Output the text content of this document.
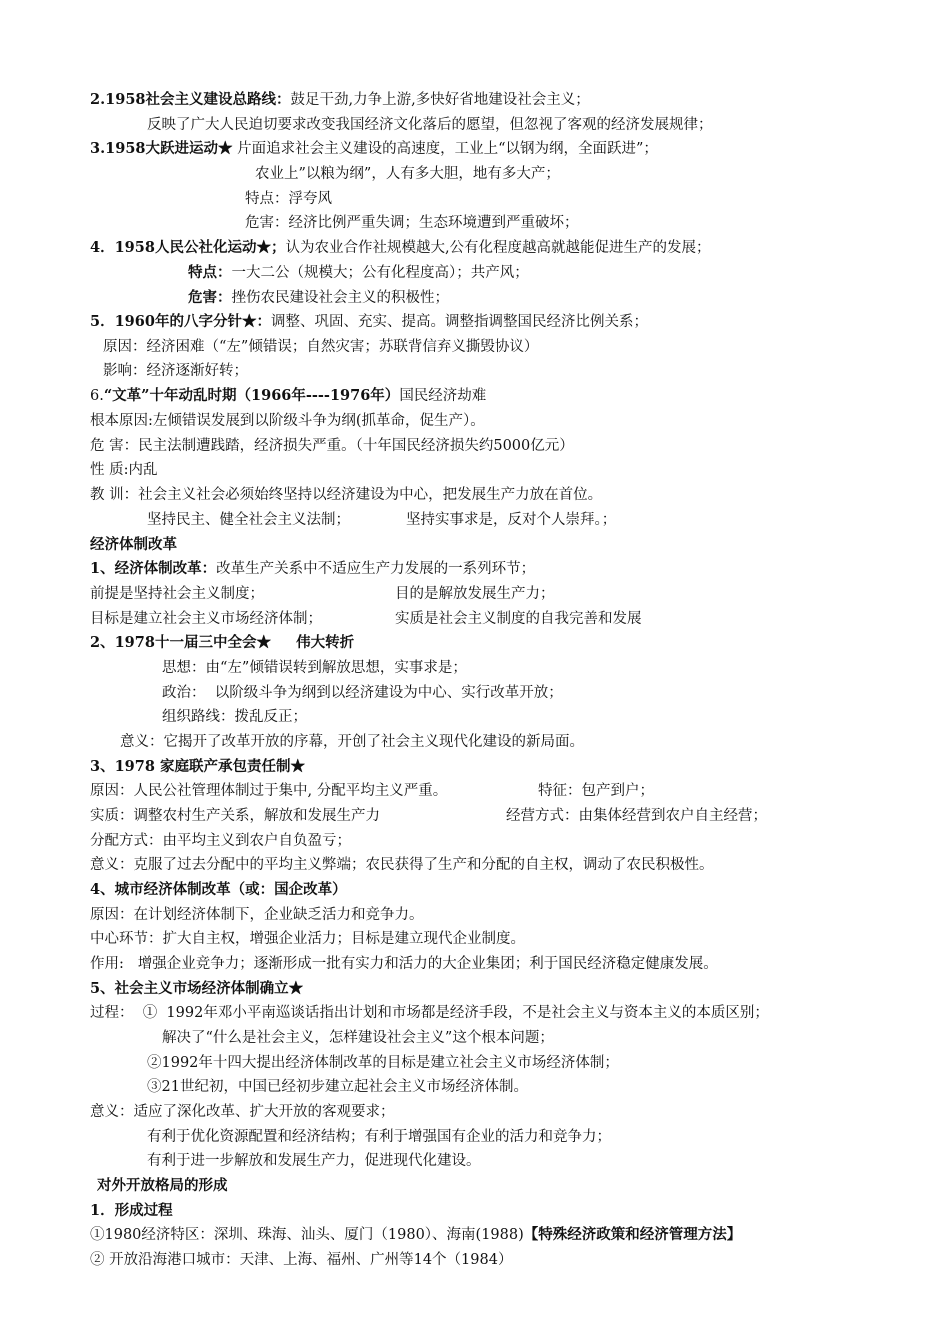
2.1958社会主义建设总路线：鼓足干劲,力争上游,多快好省地建设社会主义；
反映了广大人民迫切要求改变我国经济文化落后的愿望，但忽视了客观的经济发展规律；
3.1958大跃进运动★ 片面追求社会主义建设的高速度，工业上“以钢为纲，全面跃进”；
农业上”以粮为纲”，人有多大胆，地有多大产；
特点：浮夸风
危害：经济比例严重失调；生态环境遭到严重破坏；
4．1958人民公社化运动★；认为农业合作社规模越大,公有化程度越高就越能促进生产的发展；
特点：一大二公（规模大；公有化程度高）；共产风；
危害：挫伤农民建设社会主义的积极性；
5．1960年的八字分针★：调整、巩固、充实、提高。调整指调整国民经济比例关系；
原因：经济困难（“左”倾错误；自然灾害；苏联背信弃义撕毁协议）
影响：经济逐渐好转；
6.“文革”十年动乱时期（1966年----1976年）国民经济劫难
根本原因:左倾错误发展到以阶级斗争为纲(抓革命，促生产）。
危 害：民主法制遭践踏，经济损失严重。（十年国民经济损失约5000亿元）
性 质:内乱
教 训：社会主义社会必须始终坚持以经济建设为中心，把发展生产力放在首位。
坚持民主、健全社会主义法制；	坚持实事求是，反对个人崇拜。；
经济体制改革
1、经济体制改革：改革生产关系中不适应生产力发展的一系列环节；
前提是坚持社会主义制度；	目的是解放发展生产力；
目标是建立社会主义市场经济体制；	实质是社会主义制度的自我完善和发展
2、1978十一届三中全会★     伟大转折
思想：由“左”倾错误转到解放思想，实事求是；
政治：  以阶级斗争为纲到以经济建设为中心、实行改革开放；
组织路线：拨乱反正；
意义：它揭开了改革开放的序幕，开创了社会主义现代化建设的新局面。
3、1978 家庭联产承包责任制★
原因：人民公社管理体制过于集中, 分配平均主义严重。	特征：包产到户；
实质：调整农村生产关系，解放和发展生产力	经营方式：由集体经营到农户自主经营；
分配方式：由平均主义到农户自负盈亏；
意义：克服了过去分配中的平均主义弊端；农民获得了生产和分配的自主权，调动了农民积极性。
4、城市经济体制改革（或：国企改革）
原因：在计划经济体制下，企业缺乏活力和竞争力。
中心环节：扩大自主权，增强企业活力；目标是建立现代企业制度。
作用:   增强企业竞争力；逐渐形成一批有实力和活力的大企业集团；利于国民经济稳定健康发展。
5、社会主义市场经济体制确立★
过程：  ①  1992年邓小平南巡谈话指出计划和市场都是经济手段，不是社会主义与资本主义的本质区别；
解决了“什么是社会主义，怎样建设社会主义”这个根本问题；
②1992年十四大提出经济体制改革的目标是建立社会主义市场经济体制；
③21世纪初，中国已经初步建立起社会主义市场经济体制。
意义：适应了深化改革、扩大开放的客观要求；
有利于优化资源配置和经济结构；有利于增强国有企业的活力和竞争力；
有利于进一步解放和发展生产力，促进现代化建设。
对外开放格局的形成
1．形成过程
①1980经济特区：深圳、珠海、汕头、厦门（1980）、海南(1988)【特殊经济政策和经济管理方法】
② 开放沿海港口城市：天津、上海、福州、广州等14个（1984）
